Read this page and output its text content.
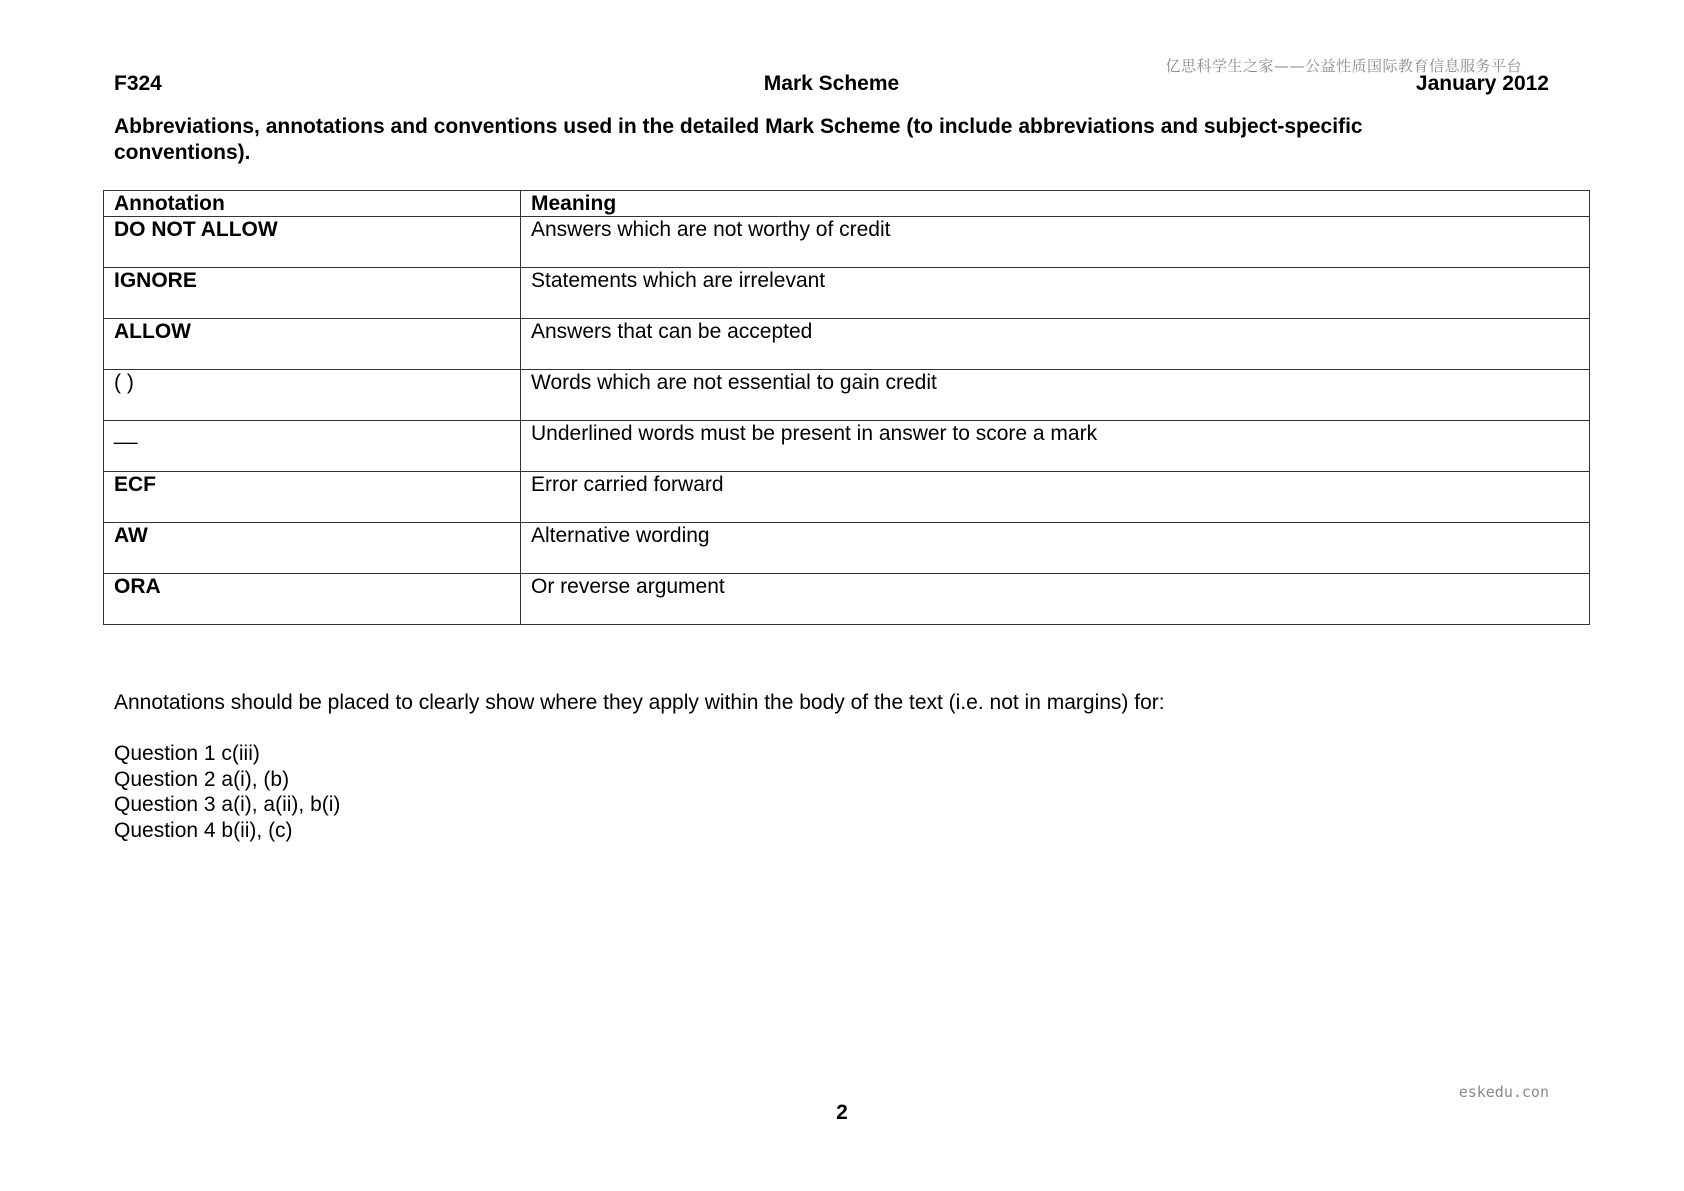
亿思科学生之家——公益性质国际教育信息服务平台
F324	Mark Scheme	January 2012
Abbreviations, annotations and conventions used in the detailed Mark Scheme (to include abbreviations and subject-specific conventions).
Annotation	Meaning
DO NOT ALLOW	Answers which are not worthy of credit
IGNORE	Statements which are irrelevant
ALLOW	Answers that can be accepted
( )	Words which are not essential to gain credit
__	Underlined words must be present in answer to score a mark
ECF	Error carried forward
AW	Alternative wording
ORA	Or reverse argument
Annotations should be placed to clearly show where they apply within the body of the text (i.e. not in margins) for:
Question 1 c(iii)
Question 2 a(i), (b)
Question 3 a(i), a(ii), b(i)
Question 4 b(ii), (c)
eskedu.con
2
